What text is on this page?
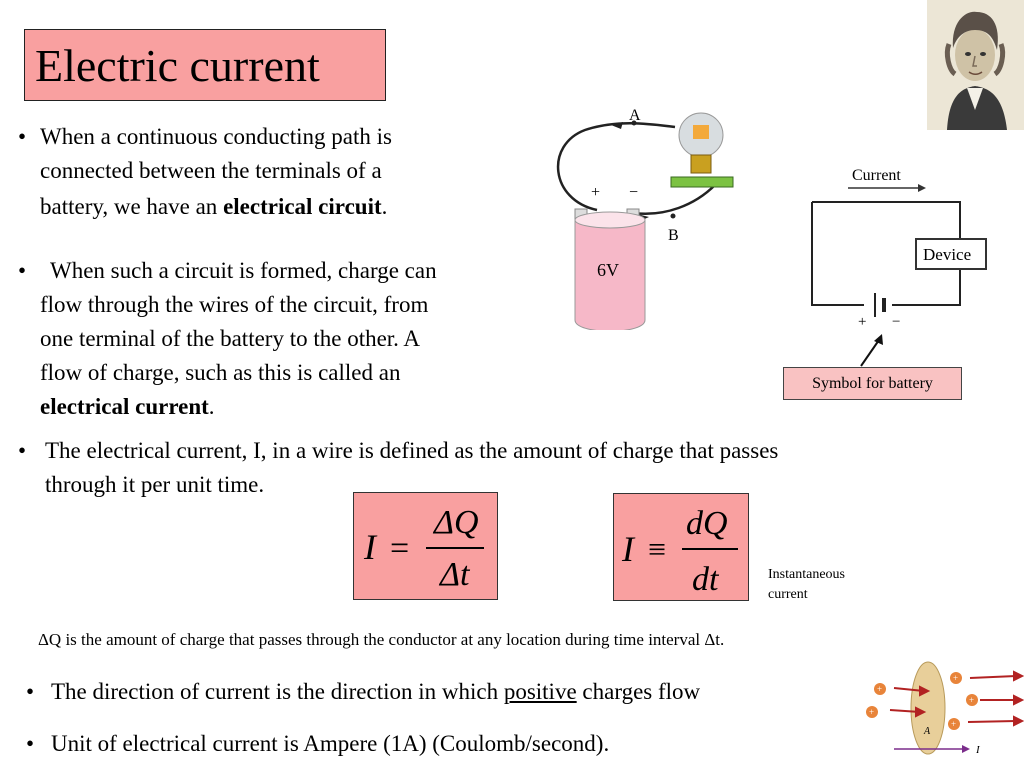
Electric current
• When a continuous conducting path is
connected between the terminals of a
battery, we have an electrical circuit.
•	When such a circuit is formed, charge can
flow through the wires of the circuit, from
one terminal of the battery to the other. A
flow of charge, such as this is called an
electrical current.
A
B
+ −
6V
Current
Device
+ −
Symbol for battery
• The electrical current, I, in a wire is defined as the amount of charge that passes
through it per unit time.
I =
ΔQ
Δt
I ≡
dQ
dt	Instantaneous
current
ΔQ is the amount of charge that passes through the conductor at any location during time interval Δt.
• The direction of current is the direction in which positive charges flow
• Unit of electrical current is Ampere (1A) (Coulomb/second).	A
+
+
+
+
+
I
